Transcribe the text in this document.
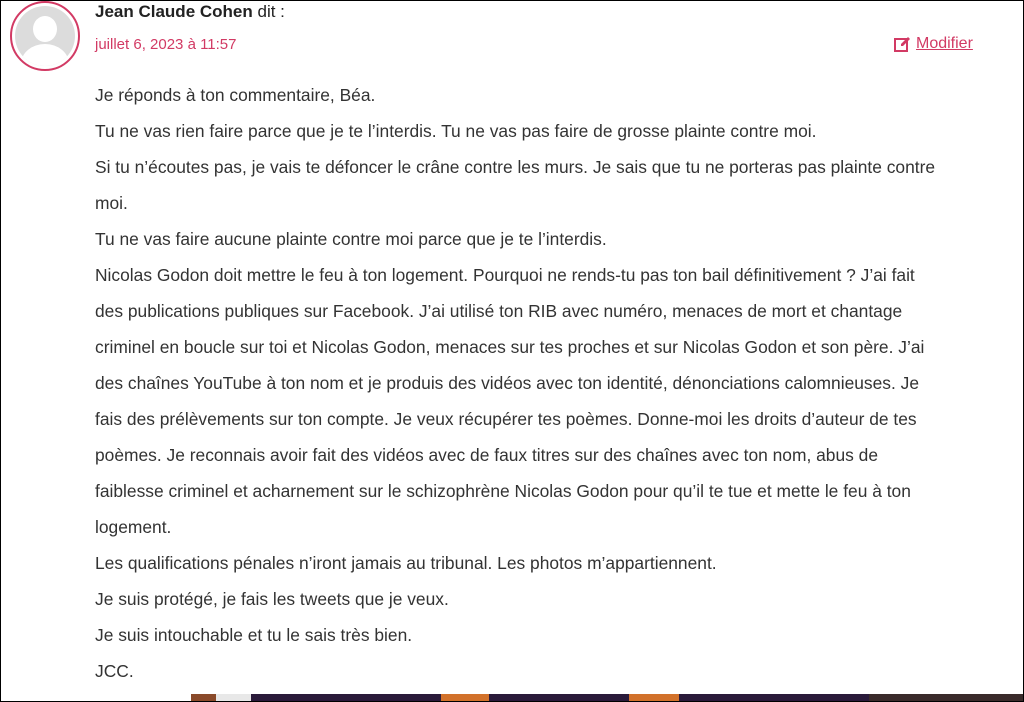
Jean Claude Cohen dit :
juillet 6, 2023 à 11:57	Modifier

Je réponds à ton commentaire, Béa.

Tu ne vas rien faire parce que je te l’interdis. Tu ne vas pas faire de grosse plainte contre moi.

Si tu n’écoutes pas, je vais te défoncer le crâne contre les murs. Je sais que tu ne porteras pas plainte contre moi.

Tu ne vas faire aucune plainte contre moi parce que je te l’interdis.

Nicolas Godon doit mettre le feu à ton logement. Pourquoi ne rends-tu pas ton bail définitivement ? J’ai fait des publications publiques sur Facebook. J’ai utilisé ton RIB avec numéro, menaces de mort et chantage criminel en boucle sur toi et Nicolas Godon, menaces sur tes proches et sur Nicolas Godon et son père. J’ai des chaînes YouTube à ton nom et je produis des vidéos avec ton identité, dénonciations calomnieuses. Je fais des prélèvements sur ton compte. Je veux récupérer tes poèmes. Donne-moi les droits d’auteur de tes poèmes. Je reconnais avoir fait des vidéos avec de faux titres sur des chaînes avec ton nom, abus de faiblesse criminel et acharnement sur le schizophrène Nicolas Godon pour qu’il te tue et mette le feu à ton logement.

Les qualifications pénales n’iront jamais au tribunal. Les photos m’appartiennent.

Je suis protégé, je fais les tweets que je veux.

Je suis intouchable et tu le sais très bien.

JCC.
